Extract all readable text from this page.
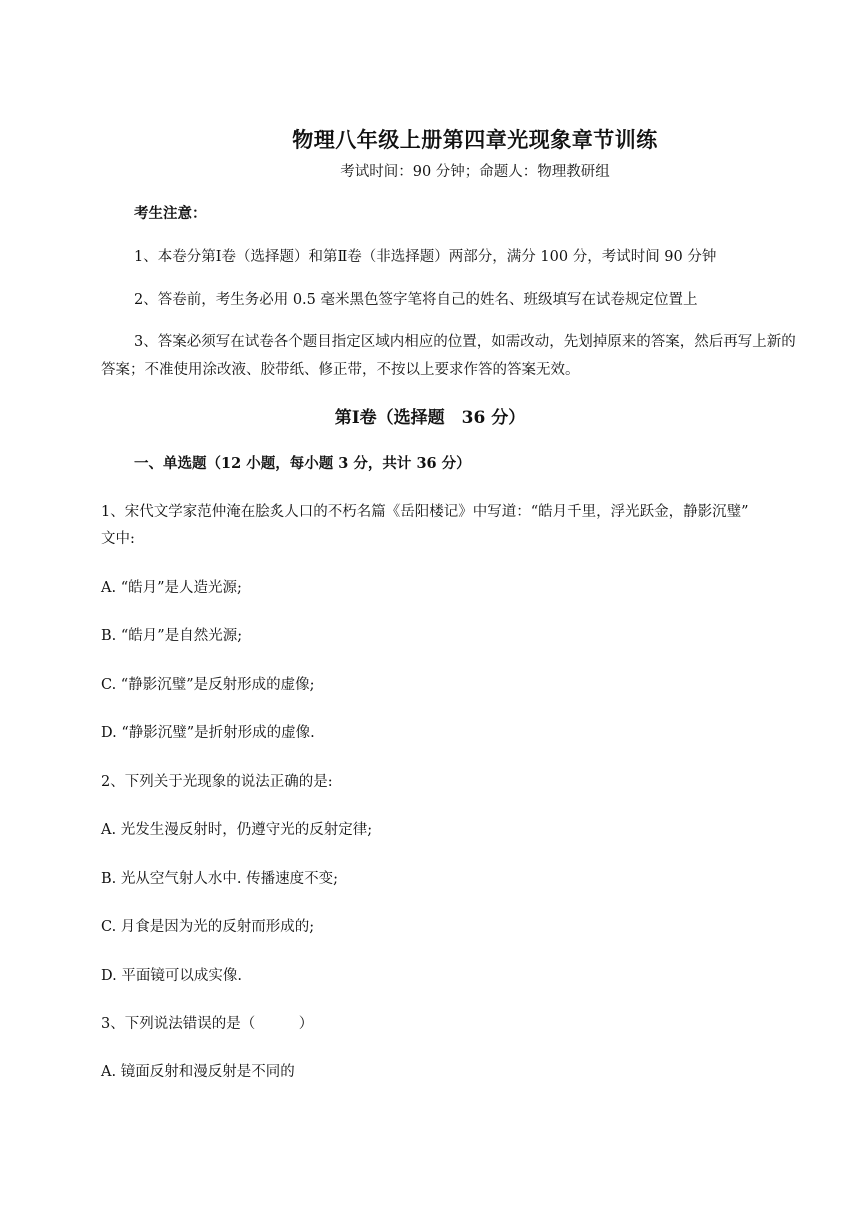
物理八年级上册第四章光现象章节训练
考试时间：90 分钟；命题人：物理教研组
考生注意：
1、本卷分第Ⅰ卷（选择题）和第Ⅱ卷（非选择题）两部分，满分 100 分，考试时间 90 分钟
2、答卷前，考生务必用 0.5 毫米黑色签字笔将自己的姓名、班级填写在试卷规定位置上
3、答案必须写在试卷各个题目指定区域内相应的位置，如需改动，先划掉原来的答案，然后再写上新的答案；不准使用涂改液、胶带纸、修正带，不按以上要求作答的答案无效。
第Ⅰ卷（选择题　36 分）
一、单选题（12 小题，每小题 3 分，共计 36 分）
1、宋代文学家范仲淹在脍炙人口的不朽名篇《岳阳楼记》中写道：“皓月千里，浮光跃金，静影沉璧”
文中:
A. “皓月”是人造光源;
B. “皓月”是自然光源;
C. “静影沉璧”是反射形成的虚像;
D. “静影沉璧”是折射形成的虚像.
2、下列关于光现象的说法正确的是:
A. 光发生漫反射时，仍遵守光的反射定律;
B. 光从空气射人水中. 传播速度不变;
C. 月食是因为光的反射而形成的;
D. 平面镜可以成实像.
3、下列说法错误的是（　　　）
A. 镜面反射和漫反射是不同的
